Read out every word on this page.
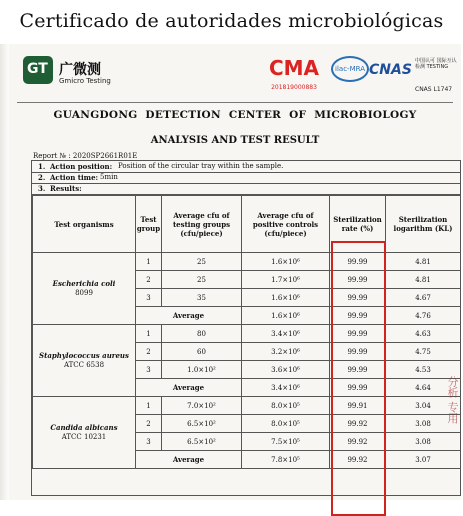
Certificado de autoridades microbiológicas
GT 广微测
Gmicro Testing
CMA
201819000883
ilac-MRA CNAS
中国认可 国际互认 检测 TESTING
CNAS L1747
GUANGDONG DETECTION CENTER OF MICROBIOLOGY
ANALYSIS AND TEST RESULT
Report № : 2020SP2661R01E
1. Action position: Position of the circular tray within the sample.
2. Action time: 5min
3. Results:
Test organisms	Test group	Average cfu of testing groups (cfu/piece)	Average cfu of positive controls (cfu/piece)	Sterilization rate (%)	Sterilization logarithm (KL)
Escherichia coli
8099	1	25	1.6×10⁶	99.99	4.81
	2	25	1.7×10⁶	99.99	4.81
	3	35	1.6×10⁶	99.99	4.67
	Average		1.6×10⁶	99.99	4.76
Staphylococcus aureus
ATCC 6538	1	80	3.4×10⁶	99.99	4.63
	2	60	3.2×10⁶	99.99	4.75
	3	1.0×10²	3.6×10⁶	99.99	4.53
	Average		3.4×10⁶	99.99	4.64
Candida albicans
ATCC 10231	1	7.0×10²	8.0×10⁵	99.91	3.04
	2	6.5×10²	8.0×10⁵	99.92	3.08
	3	6.5×10²	7.5×10⁵	99.92	3.08
	Average		7.8×10⁵	99.92	3.07
分析 专用
